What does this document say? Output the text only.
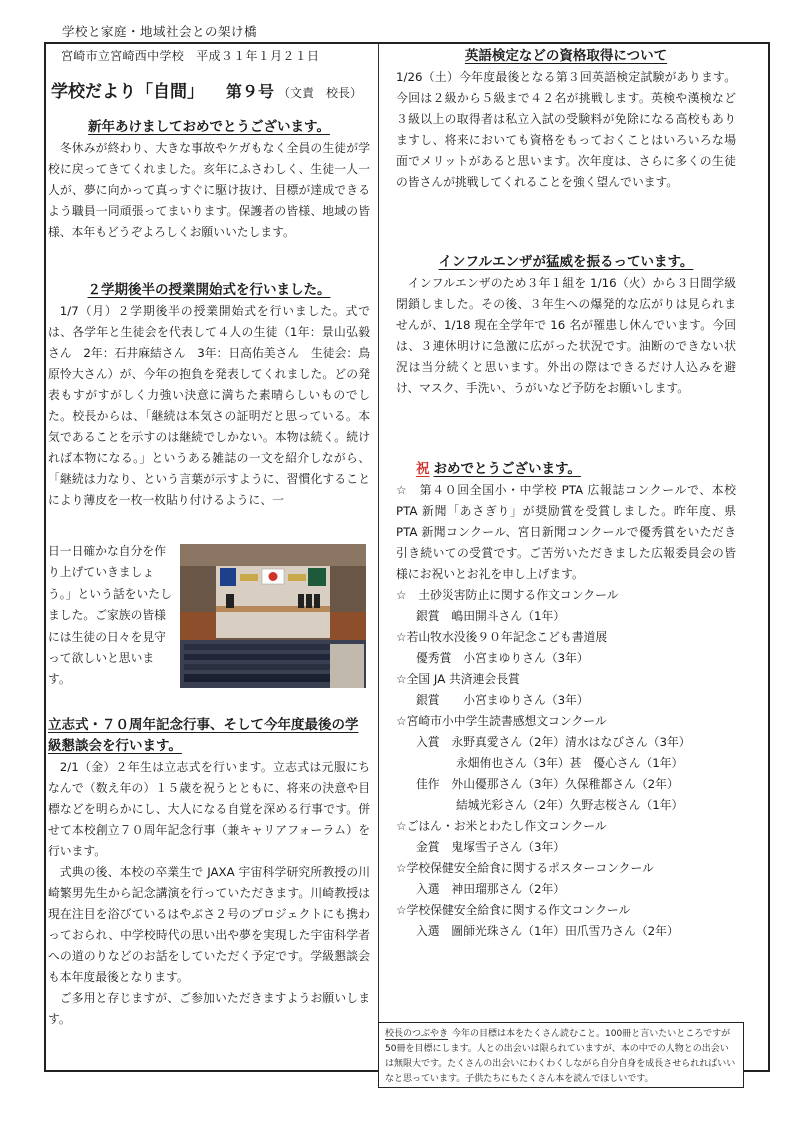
学校と家庭・地域社会との架け橋
宮崎市立宮崎西中学校　平成３１年１月２１日
学校だより「自間」 第９号 （文責　校長）
新年あけましておめでとうございます。

冬休みが終わり、大きな事故やケガもなく全員の生徒が学校に戻ってきてくれました。亥年にふさわしく、生徒一人一人が、夢に向かって真っすぐに駆け抜け、目標が達成できるよう職員一同頑張ってまいります。保護者の皆様、地域の皆様、本年もどうぞよろしくお願いいたします。

２学期後半の授業開始式を行いました。

1/7（月）２学期後半の授業開始式を行いました。式では、各学年と生徒会を代表して４人の生徒（1年：景山弘毅さん　2年：石井麻結さん　3年：日高佑美さん　生徒会：鳥原怜大さん）が、今年の抱負を発表してくれました。どの発表もすがすがしく力強い決意に満ちた素晴らしいものでした。校長からは、「継続は本気さの証明だと思っている。本気であることを示すのは継続でしかない。本物は続く。続ければ本物になる。」というある雑誌の一文を紹介しながら、「継続は力なり、という言葉が示すように、習慣化することにより薄皮を一枚一枚貼り付けるように、一

日一日確かな自分を作り上げていきましょう。」という話をいたしました。ご家族の皆様には生徒の日々を見守って欲しいと思います。
立志式・７０周年記念行事、そして今年度最後の学級懇談会を行います。

2/1（金）２年生は立志式を行います。立志式は元服にちなんで（数え年の）１５歳を祝うとともに、将来の決意や目標などを明らかにし、大人になる自覚を深める行事です。併せて本校創立７０周年記念行事（兼キャリアフォーラム）を行います。

式典の後、本校の卒業生で JAXA 宇宙科学研究所教授の川崎繁男先生から記念講演を行っていただきます。川崎教授は現在注目を浴びているはやぶさ２号のプロジェクトにも携わっておられ、中学校時代の思い出や夢を実現した宇宙科学者への道のりなどのお話をしていただく予定です。学級懇談会も本年度最後となります。

ご多用と存じますが、ご参加いただきますようお願いします。

英語検定などの資格取得について

1/26（土）今年度最後となる第３回英語検定試験があります。今回は２級から５級まで４２名が挑戦します。英検や漢検など３級以上の取得者は私立入試の受験料が免除になる高校もありますし、将来においても資格をもっておくことはいろいろな場面でメリットがあると思います。次年度は、さらに多くの生徒の皆さんが挑戦してくれることを強く望んでいます。

インフルエンザが猛威を振るっています。

インフルエンザのため３年１組を 1/16（火）から３日間学級閉鎖しました。その後、３年生への爆発的な広がりは見られませんが、1/18 現在全学年で 16 名が罹患し休んでいます。今回は、３連休明けに急激に広がった状況です。油断のできない状況は当分続くと思います。外出の際はできるだけ人込みを避け、マスク、手洗い、うがいなど予防をお願いします。

祝 おめでとうございます。

☆　第４０回全国小・中学校 PTA 広報誌コンクールで、本校 PTA 新聞「あさぎり」が奨励賞を受賞しました。昨年度、県 PTA 新聞コンクール、宮日新聞コンクールで優秀賞をいただき引き続いての受賞です。ご苦労いただきました広報委員会の皆様にお祝いとお礼を申し上げます。

☆　土砂災害防止に関する作文コンクール
銀賞　嶋田開斗さん（1年）
☆若山牧水没後９０年記念こども書道展
優秀賞　小宮まゆりさん（3年）
☆全国 JA 共済連会長賞
銀賞　　小宮まゆりさん（3年）
☆宮崎市小中学生読書感想文コンクール
入賞　永野真愛さん（2年）清水はなびさん（3年）
永畑侑也さん（3年）甚　優心さん（1年）
佳作　外山優那さん（3年）久保稚都さん（2年）
結城光彩さん（2年）久野志桜さん（1年）
☆ごはん・お米とわたし作文コンクール
金賞　鬼塚雪子さん（3年）
☆学校保健安全給食に関するポスターコンクール
入選　神田瑠那さん（2年）
☆学校保健安全給食に関する作文コンクール
入選　圖師光珠さん（1年）田爪雪乃さん（2年）
校長のつぶやき 今年の目標は本をたくさん読むこと。100冊と言いたいところですが50冊を目標にします。人との出会いは限られていますが、本の中での人物との出会いは無限大です。たくさんの出会いにわくわくしながら自分自身を成長させられればいいなと思っています。子供たちにもたくさん本を読んでほしいです。
